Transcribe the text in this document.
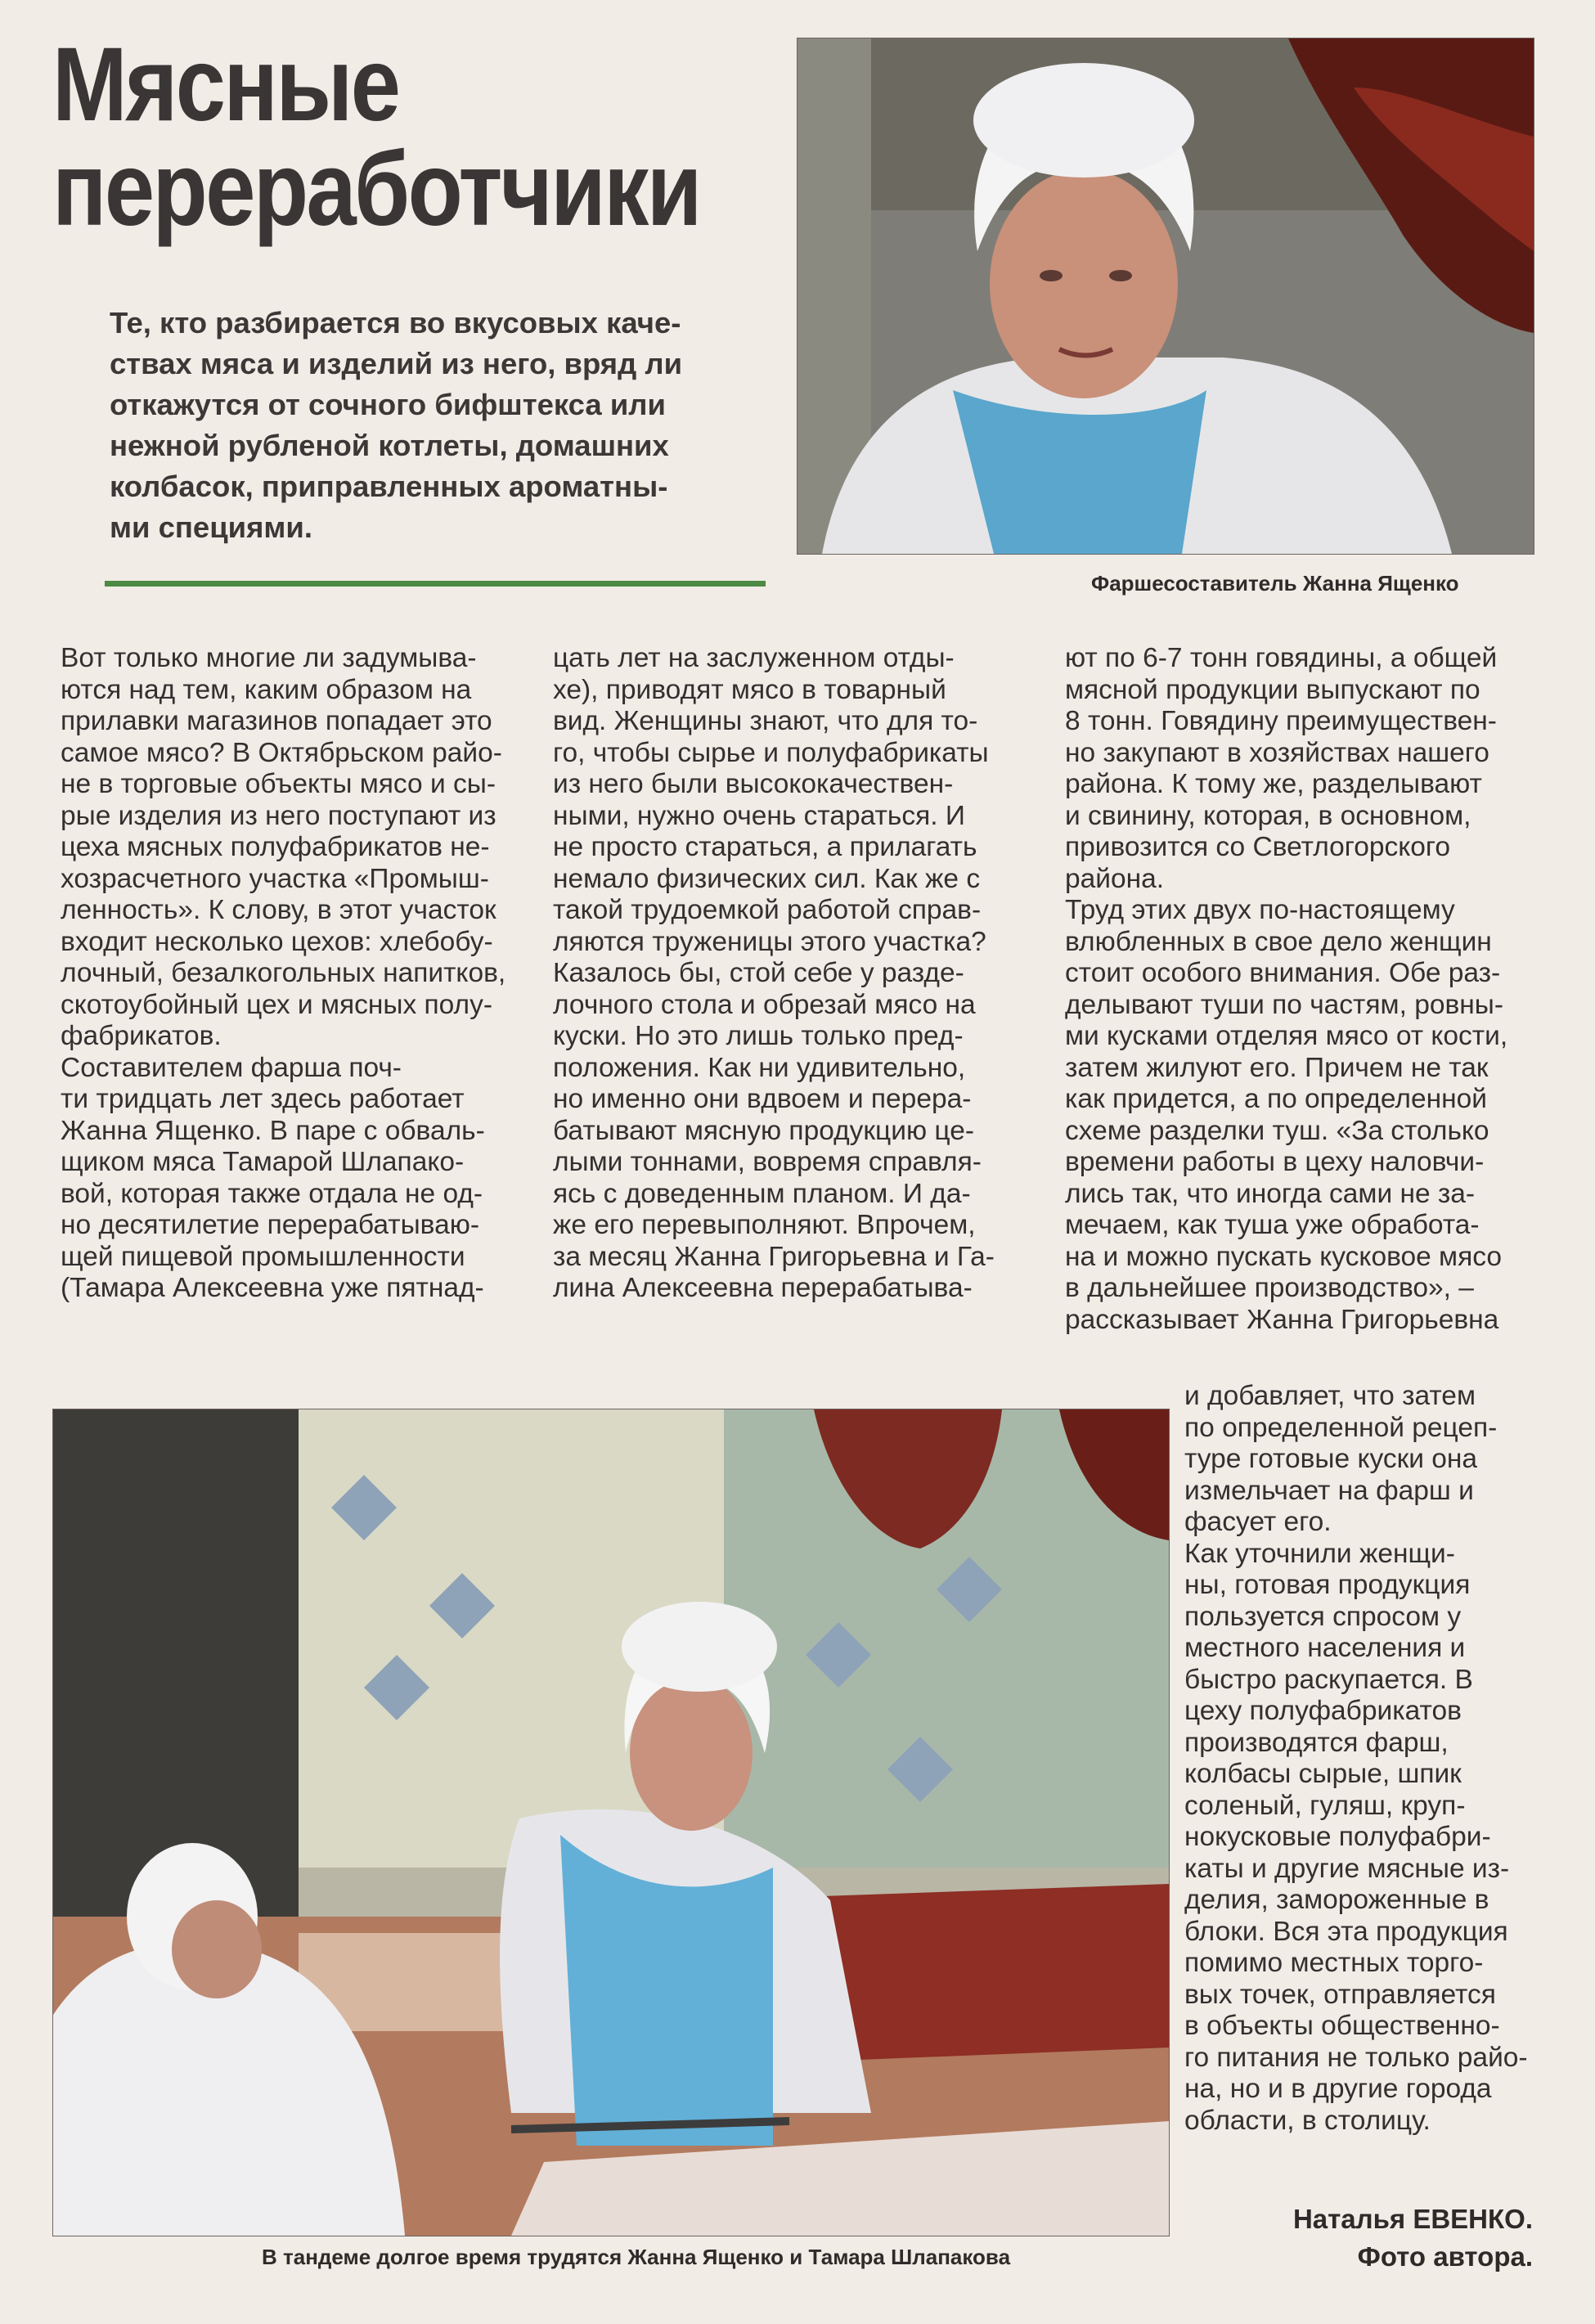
Мясные
переработчики
Те, кто разбирается во вкусовых каче-
ствах мяса и изделий из него, вряд ли
откажутся от сочного бифштекса или
нежной рубленой котлеты, домашних
колбасок, приправленных ароматны-
ми специями.
Фаршесоставитель Жанна Ященко
Вот только многие ли задумыва-
ются над тем, каким образом на
прилавки магазинов попадает это
самое мясо? В Октябрьском райо-
не в торговые объекты мясо и сы-
рые изделия из него поступают из
цеха мясных полуфабрикатов не-
хозрасчетного участка «Промыш-
ленность». К слову, в этот участок
входит несколько цехов: хлебобу-
лочный, безалкогольных напитков,
скотоубойный цех и мясных полу-
фабрикатов.
Составителем фарша поч-
ти тридцать лет здесь работает
Жанна Ященко. В паре с обваль-
щиком мяса Тамарой Шлапако-
вой, которая также отдала не од-
но десятилетие перерабатываю-
щей пищевой промышленности
(Тамара Алексеевна уже пятнад-
цать лет на заслуженном отды-
хе), приводят мясо в товарный
вид. Женщины знают, что для то-
го, чтобы сырье и полуфабрикаты
из него были высококачествен-
ными, нужно очень стараться. И
не просто стараться, а прилагать
немало физических сил. Как же с
такой трудоемкой работой справ-
ляются труженицы этого участка?
Казалось бы, стой себе у разде-
лочного стола и обрезай мясо на
куски. Но это лишь только пред-
положения. Как ни удивительно,
но именно они вдвоем и перера-
батывают мясную продукцию це-
лыми тоннами, вовремя справля-
ясь с доведенным планом. И да-
же его перевыполняют. Впрочем,
за месяц Жанна Григорьевна и Га-
лина Алексеевна перерабатыва-
ют по 6-7 тонн говядины, а общей
мясной продукции выпускают по
8 тонн. Говядину преимуществен-
но закупают в хозяйствах нашего
района. К тому же, разделывают
и свинину, которая, в основном,
привозится со Светлогорского
района.
Труд этих двух по-настоящему
влюбленных в свое дело женщин
стоит особого внимания. Обе раз-
делывают туши по частям, ровны-
ми кусками отделяя мясо от кости,
затем жилуют его. Причем не так
как придется, а по определенной
схеме разделки туш. «За столько
времени работы в цеху наловчи-
лись так, что иногда сами не за-
мечаем, как туша уже обработа-
на и можно пускать кусковое мясо
в дальнейшее производство», –
рассказывает Жанна Григорьевна
В тандеме долгое время трудятся Жанна Ященко и Тамара Шлапакова
и добавляет, что затем
по определенной рецеп-
туре готовые куски она
измельчает на фарш и
фасует его.
Как уточнили женщи-
ны, готовая продукция
пользуется спросом у
местного населения и
быстро раскупается. В
цеху полуфабрикатов
производятся фарш,
колбасы сырые, шпик
соленый, гуляш, круп-
нокусковые полуфабри-
каты и другие мясные из-
делия, замороженные в
блоки. Вся эта продукция
помимо местных торго-
вых точек, отправляется
в объекты общественно-
го питания не только райо-
на, но и в другие города
области, в столицу.
Наталья ЕВЕНКО.
Фото автора.
